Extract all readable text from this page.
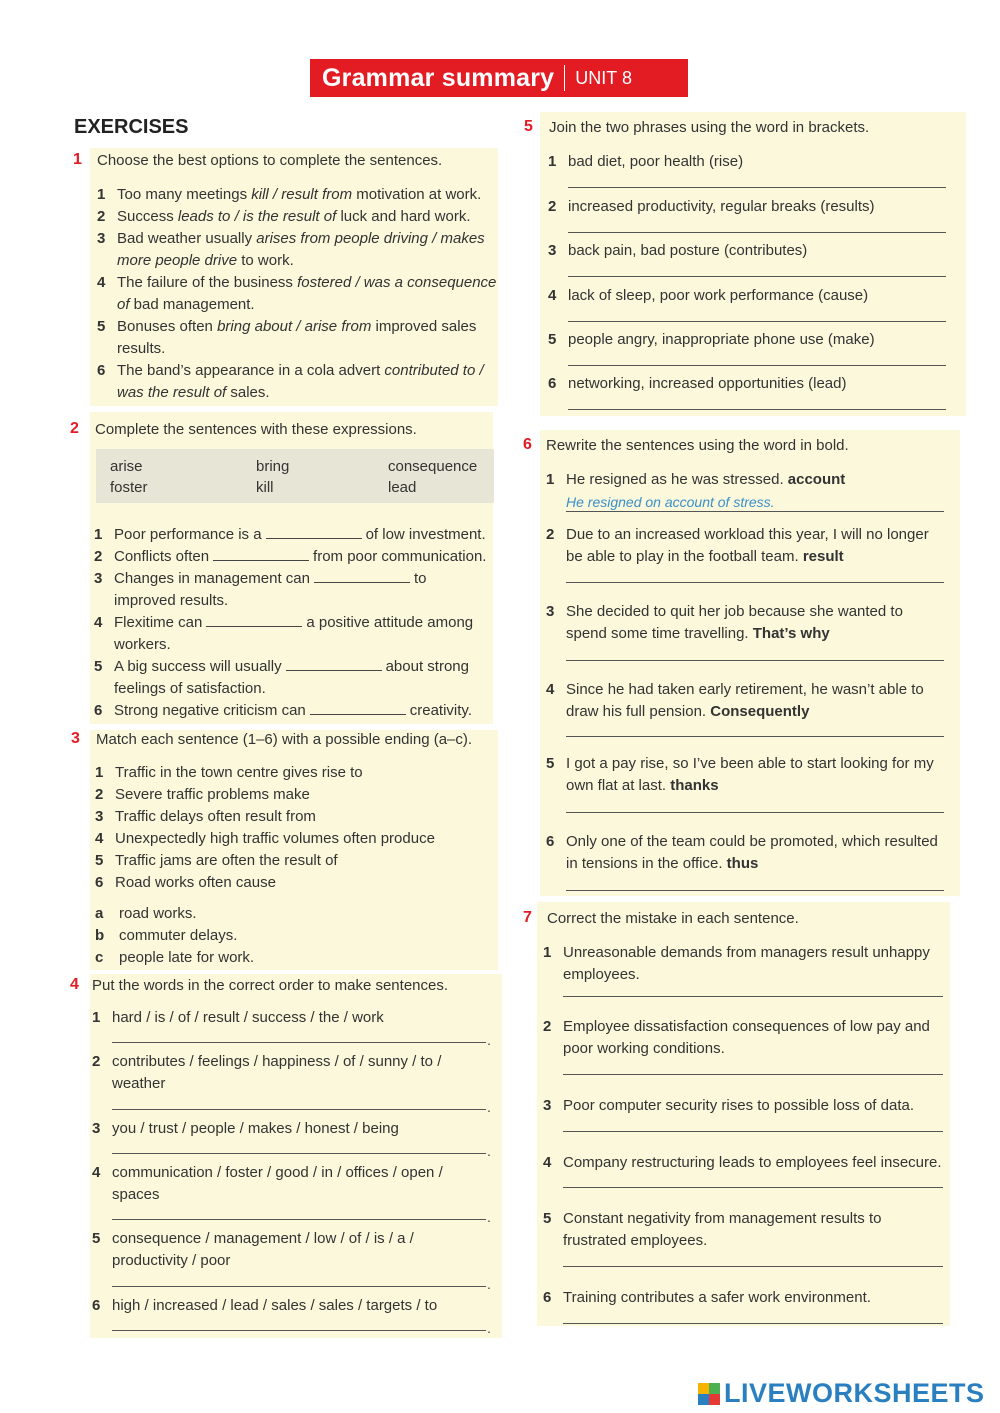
Grammar summary UNIT 8
EXERCISES
1 Choose the best options to complete the sentences.
1 Too many meetings kill / result from motivation at work.
2 Success leads to / is the result of luck and hard work.
3 Bad weather usually arises from people driving / makes
more people drive to work.
4 The failure of the business fostered / was a consequence
of bad management.
5 Bonuses often bring about / arise from improved sales
results.
6 The band’s appearance in a cola advert contributed to /
was the result of sales.
2 Complete the sentences with these expressions.
arise	bring	consequence
foster	kill	lead
1 Poor performance is a	of low investment.
2 Conflicts often	from poor communication.
3 Changes in management can	to
improved results.
4 Flexitime can	a positive attitude among
workers.
5 A big success will usually	about strong
feelings of satisfaction.
6 Strong negative criticism can	creativity.
3 Match each sentence (1–6) with a possible ending (a–c).
1 Traffic in the town centre gives rise to
2 Severe traffic problems make
3 Traffic delays often result from
4 Unexpectedly high traffic volumes often produce
5 Traffic jams are often the result of
6 Road works often cause
a road works.
b commuter delays.
c people late for work.
4 Put the words in the correct order to make sentences.
1 hard / is / of / result / success / the / work
.
2 contributes / feelings / happiness / of / sunny / to /
weather
.
3 you / trust / people / makes / honest / being
.
4 communication / foster / good / in / offices / open /
spaces
.
5 consequence / management / low / of / is / a /
productivity / poor
.
6 high / increased / lead / sales / sales / targets / to
.
5 Join the two phrases using the word in brackets.
1 bad diet, poor health (rise)
2 increased productivity, regular breaks (results)
3 back pain, bad posture (contributes)
4 lack of sleep, poor work performance (cause)
5 people angry, inappropriate phone use (make)
6 networking, increased opportunities (lead)
6 Rewrite the sentences using the word in bold.
He resigned on account of stress.
1 He resigned as he was stressed. account
2 Due to an increased workload this year, I will no longer
be able to play in the football team. result
3 She decided to quit her job because she wanted to
spend some time travelling. That’s why
4 Since he had taken early retirement, he wasn’t able to
draw his full pension. Consequently
5 I got a pay rise, so I’ve been able to start looking for my
own flat at last. thanks
6 Only one of the team could be promoted, which resulted
in tensions in the office. thus
7 Correct the mistake in each sentence.
1 Unreasonable demands from managers result unhappy
employees.
2 Employee dissatisfaction consequences of low pay and
poor working conditions.
3 Poor computer security rises to possible loss of data.
4 Company restructuring leads to employees feel insecure.
5 Constant negativity from management results to
frustrated employees.
6 Training contributes a safer work environment.
LIVEWORKSHEETS
